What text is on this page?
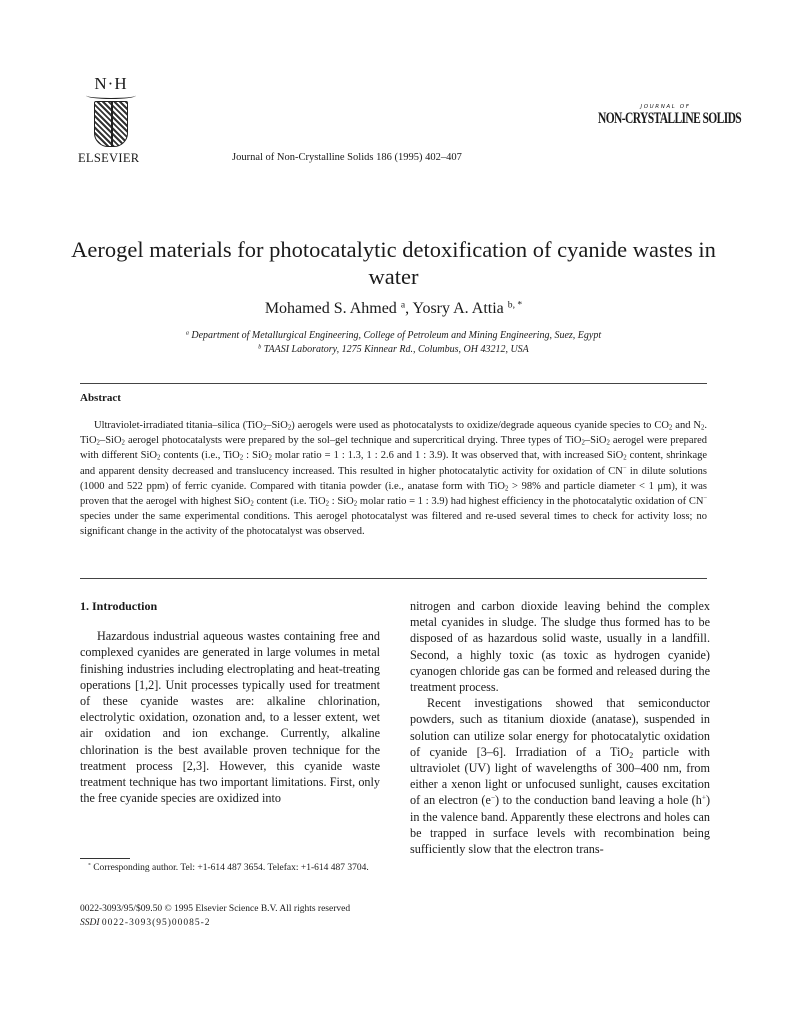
N·H
ELSEVIER	Journal of Non-Crystalline Solids 186 (1995) 402–407
JOURNAL OF
NON-CRYSTALLINE SOLIDS
Aerogel materials for photocatalytic detoxification of cyanide wastes in water
Mohamed S. Ahmed $^a$, Yosry A. Attia $^{b, *}$
$^a$ Department of Metallurgical Engineering, College of Petroleum and Mining Engineering, Suez, Egypt
$^b$ TAASI Laboratory, 1275 Kinnear Rd., Columbus, OH 43212, USA
Abstract
Ultraviolet-irradiated titania–silica (TiO$_2$–SiO$_2$) aerogels were used as photocatalysts to oxidize/degrade aqueous cyanide species to $CO_2$ and $N_2$. TiO$_2$–SiO$_2$ aerogel photocatalysts were prepared by the sol–gel technique and supercritical drying. Three types of TiO$_2$–SiO$_2$ aerogel were prepared with different SiO$_2$ contents (i.e., TiO$_2$ : SiO$_2$ molar ratio = 1 : 1.3, 1 : 2.6 and 1 : 3.9). It was observed that, with increased SiO$_2$ content, shrinkage and apparent density decreased and translucency increased. This resulted in higher photocatalytic activity for oxidation of CN− in dilute solutions (1000 and 522 ppm) of ferric cyanide. Compared with titania powder (i.e., anatase form with TiO$_2$ > 98% and particle diameter < 1 μm), it was proven that the aerogel with highest SiO$_2$ content (i.e. TiO$_2$ : SiO$_2$ molar ratio = 1 : 3.9) had highest efficiency in the photocatalytic oxidation of CN− species under the same experimental conditions. This aerogel photocatalyst was filtered and re-used several times to check for activity loss; no significant change in the activity of the photocatalyst was observed.
1. Introduction

Hazardous industrial aqueous wastes containing free and complexed cyanides are generated in large volumes in metal finishing industries including electroplating and heat-treating operations [1,2]. Unit processes typically used for treatment of these cyanide wastes are: alkaline chlorination, electrolytic oxidation, ozonation and, to a lesser extent, wet air oxidation and ion exchange. Currently, alkaline chlorination is the best available proven technique for the treatment process [2,3]. However, this cyanide waste treatment technique has two important limitations. First, only the free cyanide species are oxidized into

nitrogen and carbon dioxide leaving behind the complex metal cyanides in sludge. The sludge thus formed has to be disposed of as hazardous solid waste, usually in a landfill. Second, a highly toxic (as toxic as hydrogen cyanide) cyanogen chloride gas can be formed and released during the treatment process.

Recent investigations showed that semiconductor powders, such as titanium dioxide (anatase), suspended in solution can utilize solar energy for photocatalytic oxidation of cyanide [3–6]. Irradiation of a TiO$_2$ particle with ultraviolet (UV) light of wavelengths of 300–400 nm, from either a xenon light or unfocused sunlight, causes excitation of an electron (e−) to the conduction band leaving a hole (h+) in the valence band. Apparently these electrons and holes can be trapped in surface levels with recombination being sufficiently slow that the electron trans-

* Corresponding author. Tel: +1-614 487 3654. Telefax: +1-614 487 3704.
0022-3093/95/$09.50 © 1995 Elsevier Science B.V. All rights reserved
SSDI 0022-3093(95)00085-2
